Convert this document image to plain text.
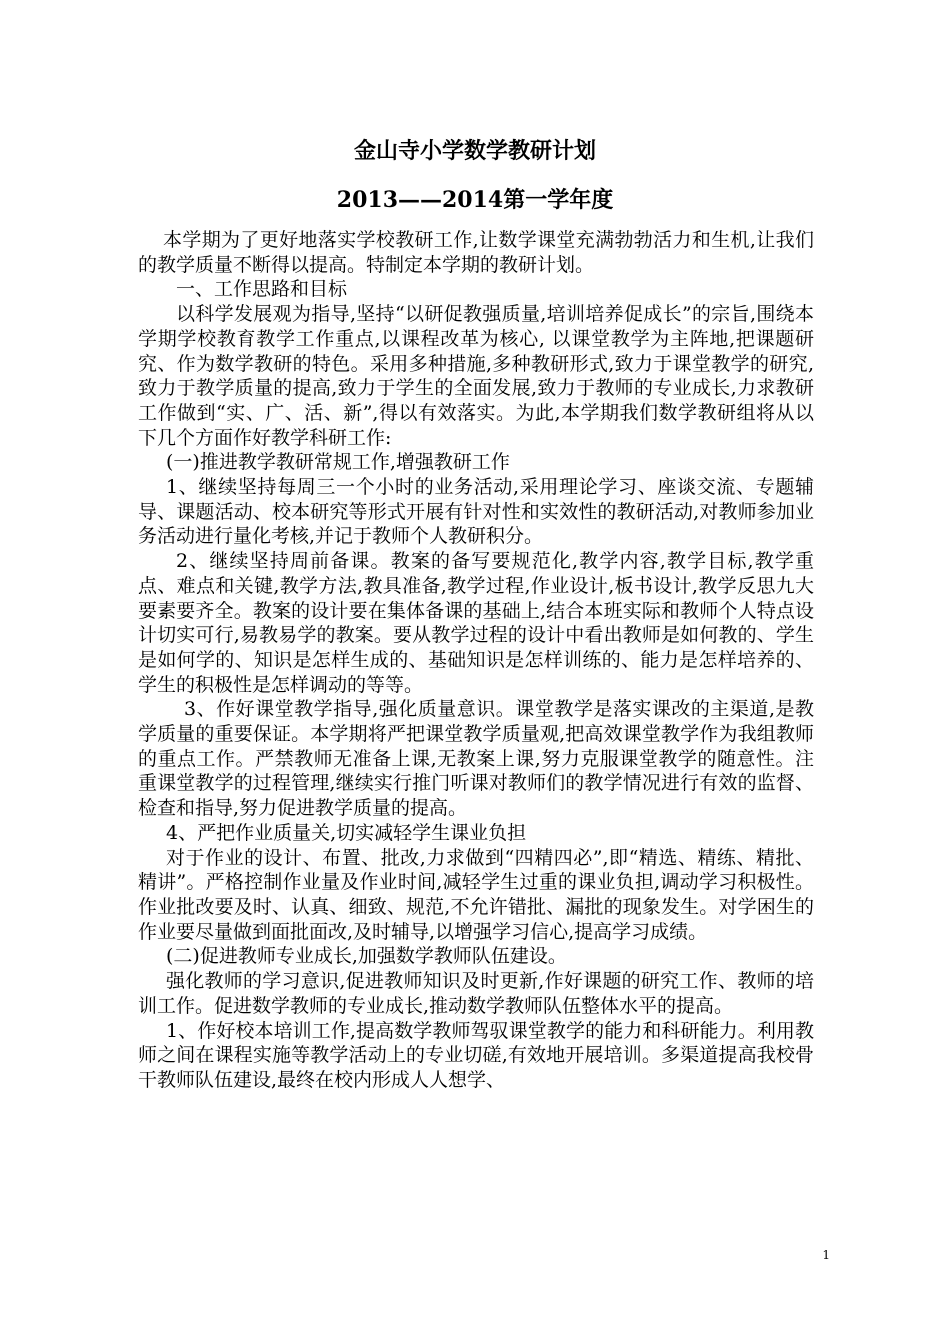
金山寺小学数学教研计划
2013——2014第一学年度

本学期为了更好地落实学校教研工作,让数学课堂充满勃勃活力和生机,让我们的教学质量不断得以提高。特制定本学期的教研计划。

一、工作思路和目标

以科学发展观为指导,坚持“以研促教强质量,培训培养促成长”的宗旨,围绕本学期学校教育教学工作重点,以课程改革为核心, 以课堂教学为主阵地,把课题研究、作为数学教研的特色。采用多种措施,多种教研形式,致力于课堂教学的研究,致力于教学质量的提高,致力于学生的全面发展,致力于教师的专业成长,力求教研工作做到“实、广、活、新”,得以有效落实。为此,本学期我们数学教研组将从以下几个方面作好教学科研工作:

(一)推进教学教研常规工作,增强教研工作

1、继续坚持每周三一个小时的业务活动,采用理论学习、座谈交流、专题辅导、课题活动、校本研究等形式开展有针对性和实效性的教研活动,对教师参加业务活动进行量化考核,并记于教师个人教研积分。

2、继续坚持周前备课。教案的备写要规范化,教学内容,教学目标,教学重点、难点和关键,教学方法,教具准备,教学过程,作业设计,板书设计,教学反思九大要素要齐全。教案的设计要在集体备课的基础上,结合本班实际和教师个人特点设计切实可行,易教易学的教案。要从教学过程的设计中看出教师是如何教的、学生是如何学的、知识是怎样生成的、基础知识是怎样训练的、能力是怎样培养的、学生的积极性是怎样调动的等等。

3、作好课堂教学指导,强化质量意识。课堂教学是落实课改的主渠道,是教学质量的重要保证。本学期将严把课堂教学质量观,把高效课堂教学作为我组教师的重点工作。严禁教师无准备上课,无教案上课,努力克服课堂教学的随意性。注重课堂教学的过程管理,继续实行推门听课对教师们的教学情况进行有效的监督、检查和指导,努力促进教学质量的提高。

4、严把作业质量关,切实减轻学生课业负担

对于作业的设计、布置、批改,力求做到“四精四必”,即“精选、精练、精批、精讲”。严格控制作业量及作业时间,减轻学生过重的课业负担,调动学习积极性。作业批改要及时、认真、细致、规范,不允许错批、漏批的现象发生。对学困生的作业要尽量做到面批面改,及时辅导,以增强学习信心,提高学习成绩。

(二)促进教师专业成长,加强数学教师队伍建设。

强化教师的学习意识,促进教师知识及时更新,作好课题的研究工作、教师的培训工作。促进数学教师的专业成长,推动数学教师队伍整体水平的提高。

1、作好校本培训工作,提高数学教师驾驭课堂教学的能力和科研能力。利用教师之间在课程实施等教学活动上的专业切磋,有效地开展培训。多渠道提高我校骨干教师队伍建设,最终在校内形成人人想学、

1
